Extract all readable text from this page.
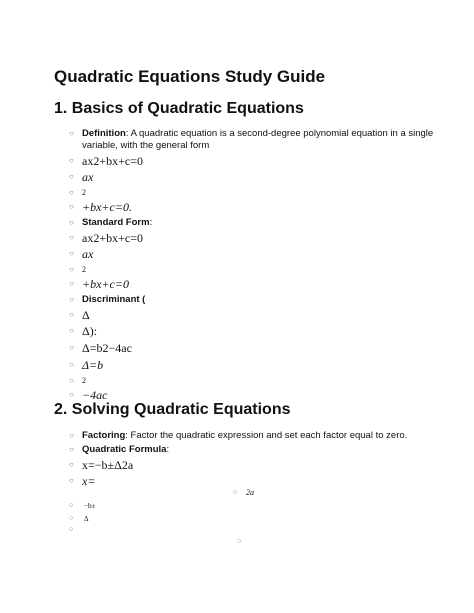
Quadratic Equations Study Guide
1. Basics of Quadratic Equations
○ Definition: A quadratic equation is a second-degree polynomial equation in a single variable, with the general form
○ ax2+bx+c=0
○ ax
○ 2
○ +bx+c=0.
○ Standard Form:
○ ax2+bx+c=0
○ ax
○ 2
○ +bx+c=0
○ Discriminant (
○ Δ
○ Δ):
○ Δ=b2−4ac
○ Δ=b
○ 2
○ −4ac
2. Solving Quadratic Equations
○ Factoring: Factor the quadratic expression and set each factor equal to zero.
○ Quadratic Formula:
○ x=−b±Δ2a
○ x=
○ 2a
○ −b±
○ Δ
○
○
